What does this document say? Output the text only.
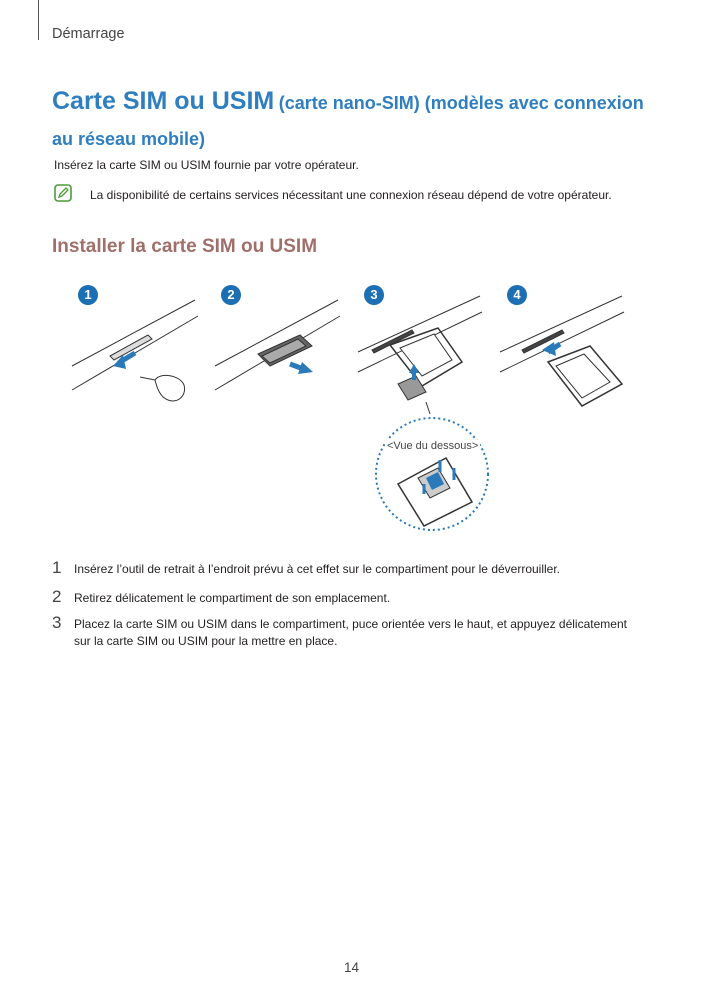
Démarrage
Carte SIM ou USIM (carte nano-SIM) (modèles avec connexion au réseau mobile)
Insérez la carte SIM ou USIM fournie par votre opérateur.
La disponibilité de certains services nécessitant une connexion réseau dépend de votre opérateur.
Installer la carte SIM ou USIM
1	2	3	4
<Vue du dessous>
1	Insérez l’outil de retrait à l’endroit prévu à cet effet sur le compartiment pour le déverrouiller.
2	Retirez délicatement le compartiment de son emplacement.
3	Placez la carte SIM ou USIM dans le compartiment, puce orientée vers le haut, et appuyez délicatement sur la carte SIM ou USIM pour la mettre en place.
14
